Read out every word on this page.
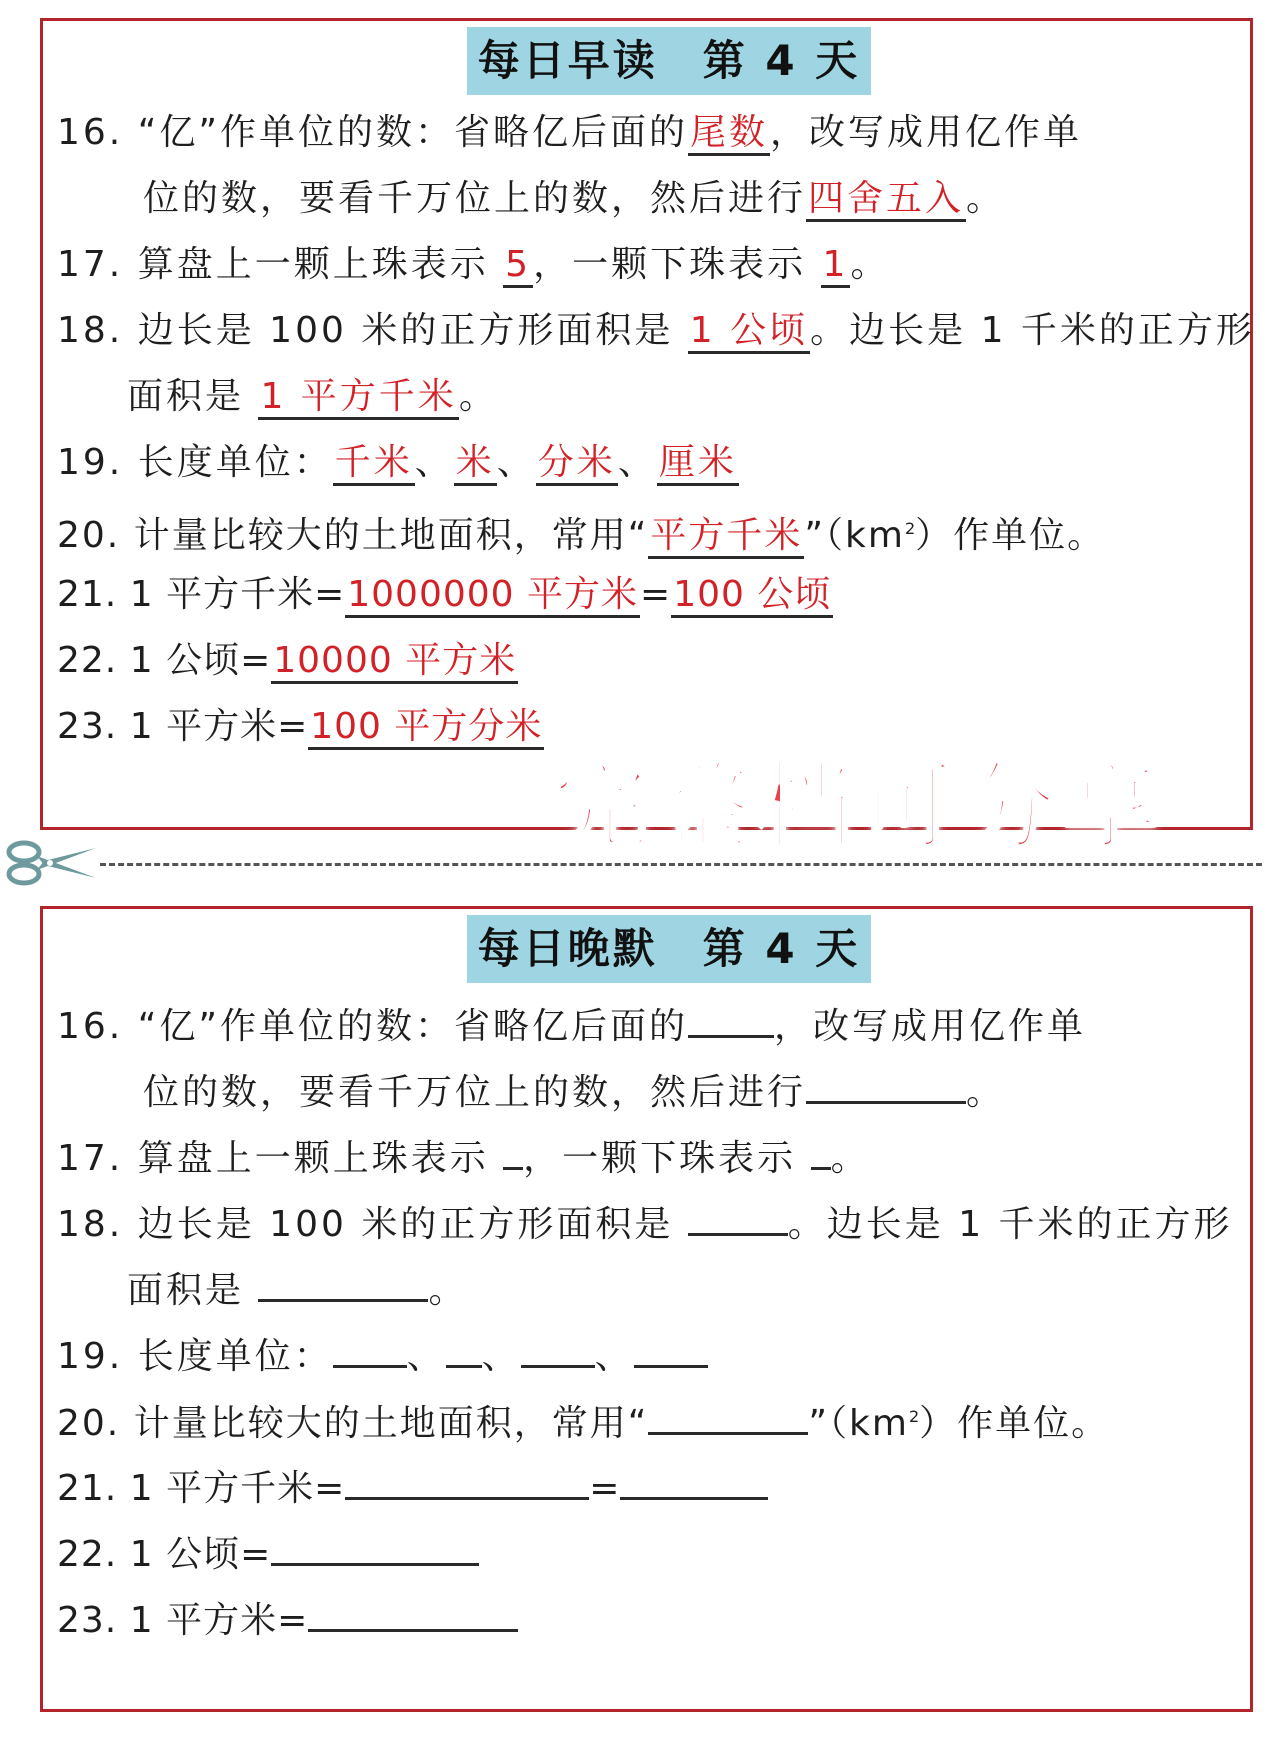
每日早读　第 4 天
16. “亿”作单位的数：省略亿后面的尾数，改写成用亿作单
位的数，要看千万位上的数，然后进行四舍五入。
17. 算盘上一颗上珠表示 5，一颗下珠表示 1。
18. 边长是 100 米的正方形面积是 1 公顷。边长是 1 千米的正方形
面积是 1 平方千米。
19. 长度单位：千米、米、分米、厘米
20. 计量比较大的土地面积，常用“平方千米$”(km^2)$作单位。
21. 1 平方千米=1000000 平方米=100 公顷
22. 1 公顷=10000 平方米
23. 1 平方米=100 平方分米
每日晚默　第 4 天
16. “亿”作单位的数：省略亿后面的 ，改写成用亿作单
位的数，要看千万位上的数，然后进行	。
17. 算盘上一颗上珠表示 ，一颗下珠表示 。
18. 边长是 100 米的正方形面积是	。边长是 1 千米的正方形
面积是	。
19. 长度单位： 、 、 、
20. 计量比较大的土地面积，常用“	$”(km^2)$作单位。
21. 1 平方千米=	=
22. 1 公顷=
23. 1 平方米=
完整档可分享
